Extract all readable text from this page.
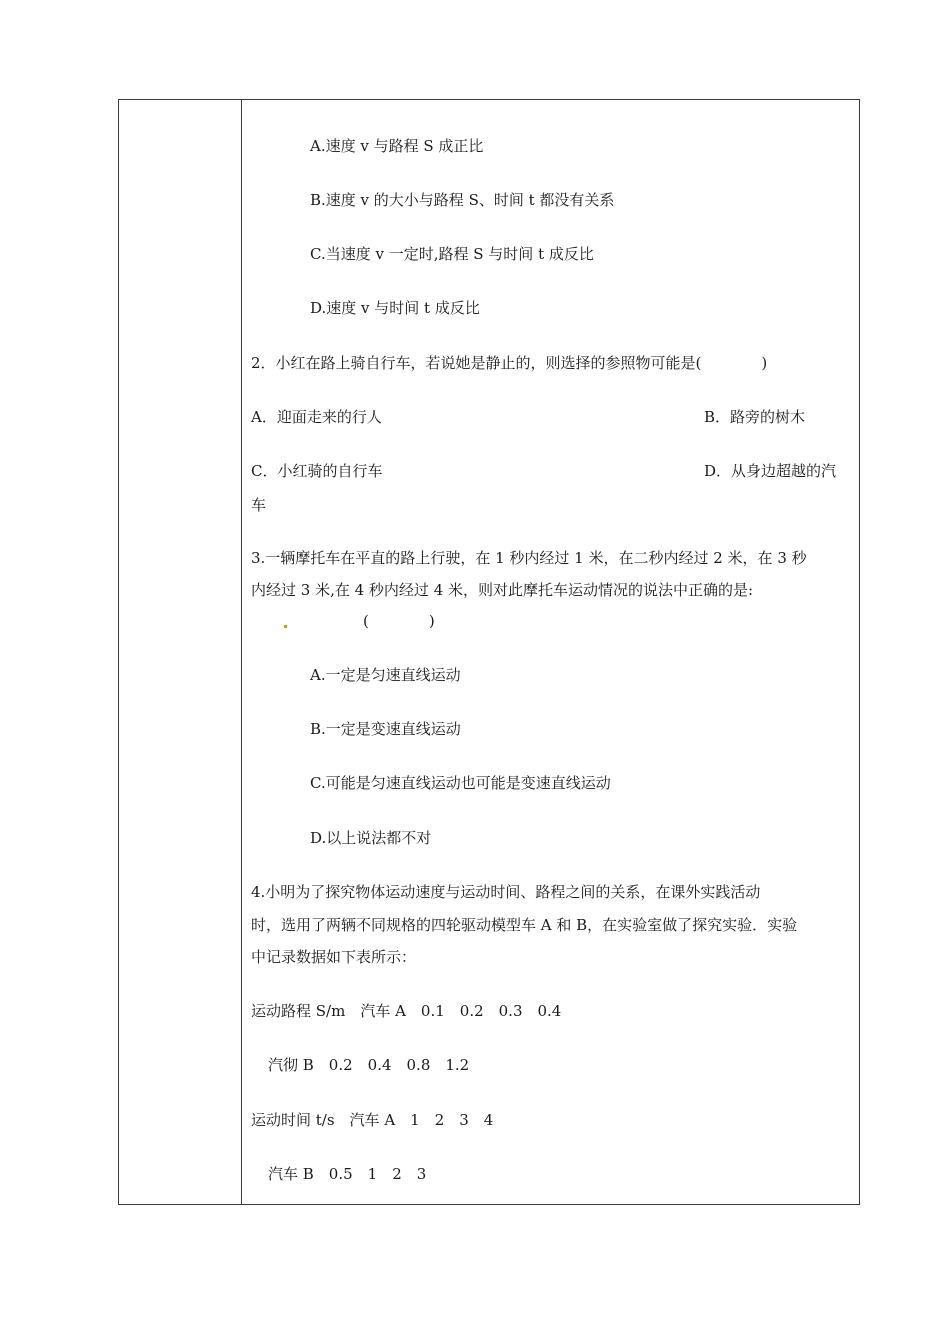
A.速度 v 与路程 S 成正比
B.速度 v 的大小与路程 S、时间 t 都没有关系
C.当速度 v 一定时,路程 S 与时间 t 成反比
D.速度 v 与时间 t 成反比
2．小红在路上骑自行车，若说她是静止的，则选择的参照物可能是(　　　　)
A．迎面走来的行人	B．路旁的树木
C．小红骑的自行车	D．从身边超越的汽
车
3.一辆摩托车在平直的路上行驶，在 1 秒内经过 1 米，在二秒内经过 2 米，在 3 秒
内经过 3 米,在 4 秒内经过 4 米，则对此摩托车运动情况的说法中正确的是:
(　　　　)
A.一定是匀速直线运动
B.一定是变速直线运动
C.可能是匀速直线运动也可能是变速直线运动
D.以上说法都不对
4.小明为了探究物体运动速度与运动时间、路程之间的关系，在课外实践活动
时，选用了两辆不同规格的四轮驱动模型车 A 和 B，在实验室做了探究实验．实验
中记录数据如下表所示：
运动路程 S/m　汽车 A　0.1　0.2　0.3　0.4
汽彻 B　0.2　0.4　0.8　1.2
运动时间 t/s　汽车 A　1　2　3　4
汽车 B　0.5　1　2　3
